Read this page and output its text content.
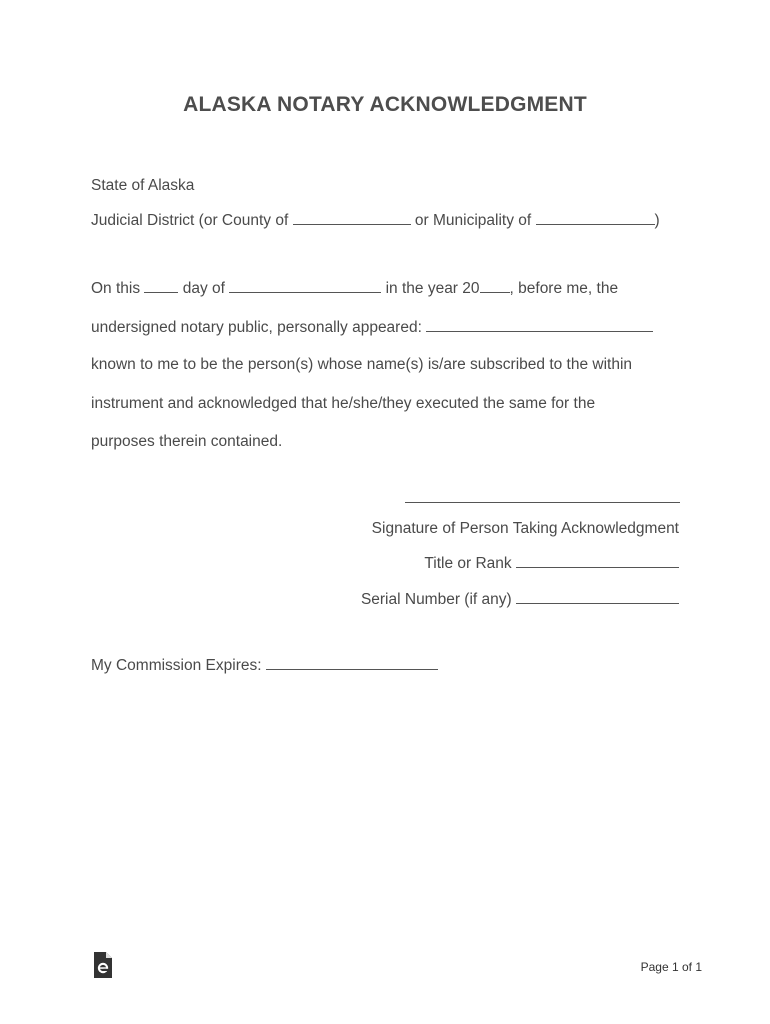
ALASKA NOTARY ACKNOWLEDGMENT
State of Alaska
Judicial District (or County of	or Municipality of	)
On this	day of	in the year 20 , before me, the
undersigned notary public, personally appeared:
known to me to be the person(s) whose name(s) is/are subscribed to the within
instrument and acknowledged that he/she/they executed the same for the
purposes therein contained.
Signature of Person Taking Acknowledgment
Title or Rank
Serial Number (if any)
My Commission Expires:
Page 1 of 1
